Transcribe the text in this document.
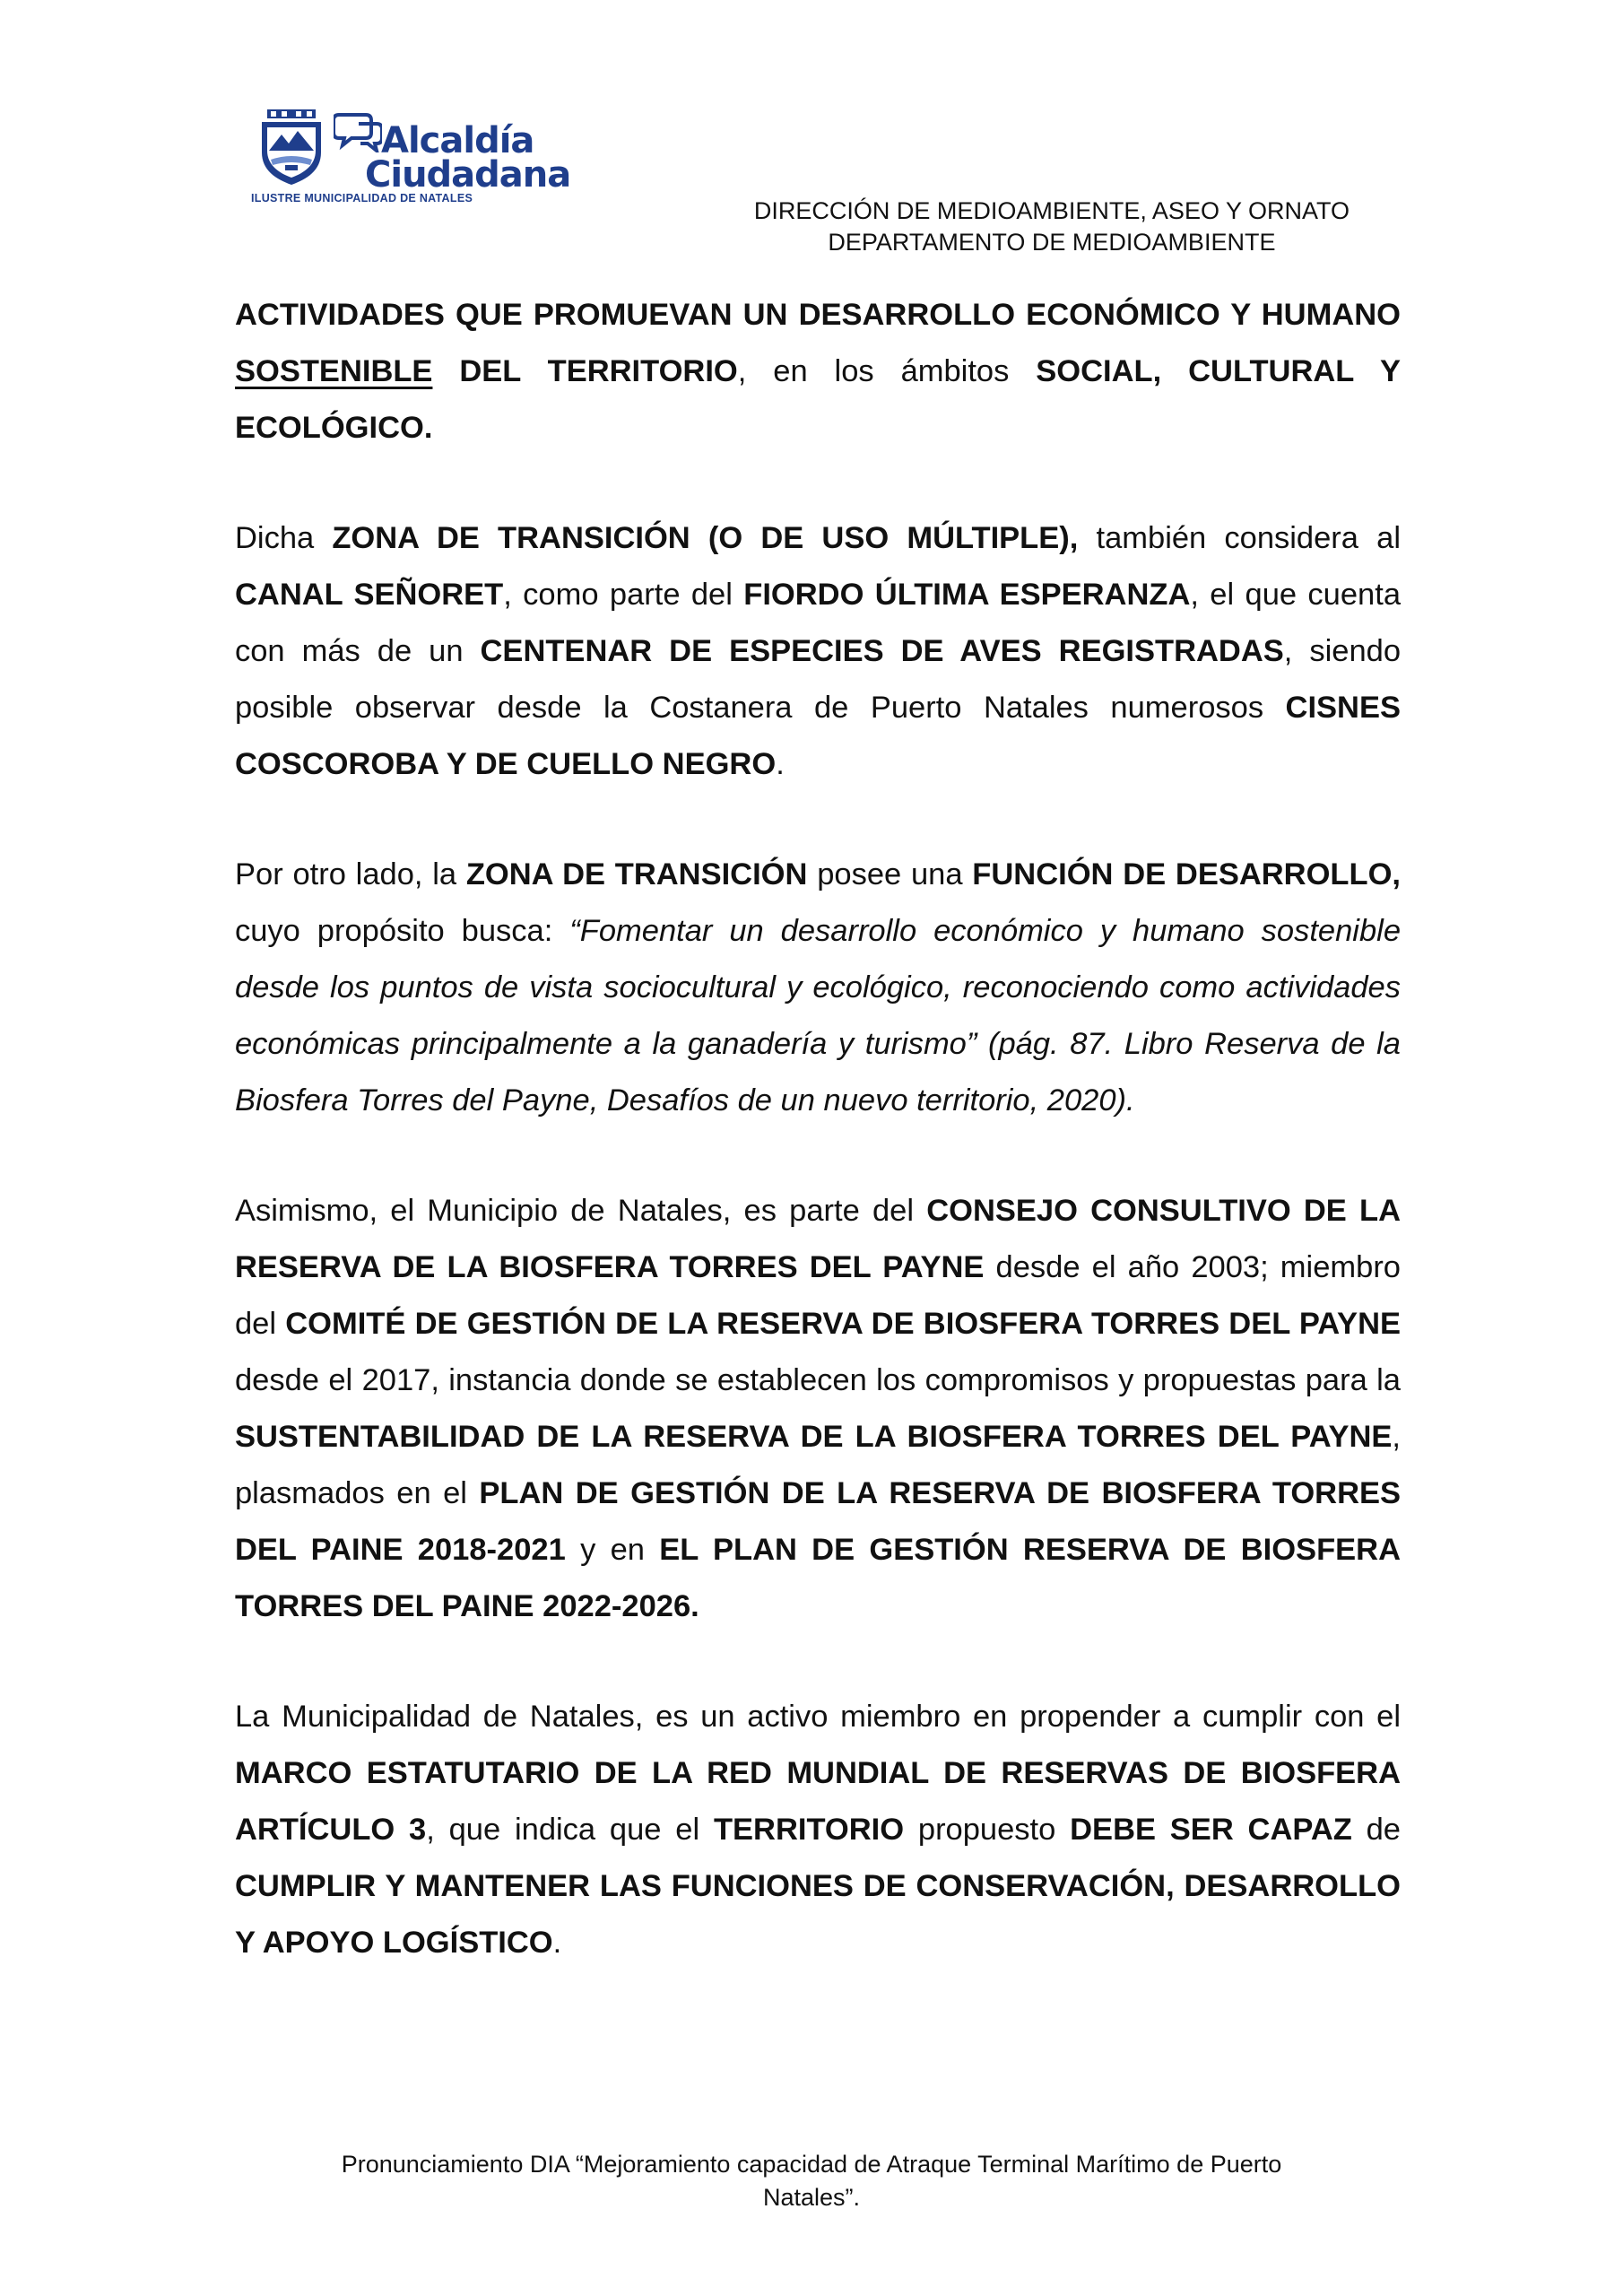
Alcaldía
Ciudadana
ILUSTRE MUNICIPALIDAD DE NATALES	DIRECCIÓN DE MEDIOAMBIENTE, ASEO Y ORNATO
DEPARTAMENTO DE MEDIOAMBIENTE

ACTIVIDADES QUE PROMUEVAN UN DESARROLLO ECONÓMICO Y HUMANO SOSTENIBLE DEL TERRITORIO, en los ámbitos SOCIAL, CULTURAL Y ECOLÓGICO.

Dicha ZONA DE TRANSICIÓN (O DE USO MÚLTIPLE), también considera al CANAL SEÑORET, como parte del FIORDO ÚLTIMA ESPERANZA, el que cuenta con más de un CENTENAR DE ESPECIES DE AVES REGISTRADAS, siendo posible observar desde la Costanera de Puerto Natales numerosos CISNES COSCOROBA Y DE CUELLO NEGRO.

Por otro lado, la ZONA DE TRANSICIÓN posee una FUNCIÓN DE DESARROLLO, cuyo propósito busca: “Fomentar un desarrollo económico y humano sostenible desde los puntos de vista sociocultural y ecológico, reconociendo como actividades económicas principalmente a la ganadería y turismo” (pág. 87. Libro Reserva de la Biosfera Torres del Payne, Desafíos de un nuevo territorio, 2020).

Asimismo, el Municipio de Natales, es parte del CONSEJO CONSULTIVO DE LA RESERVA DE LA BIOSFERA TORRES DEL PAYNE desde el año 2003; miembro del COMITÉ DE GESTIÓN DE LA RESERVA DE BIOSFERA TORRES DEL PAYNE desde el 2017, instancia donde se establecen los compromisos y propuestas para la SUSTENTABILIDAD DE LA RESERVA DE LA BIOSFERA TORRES DEL PAYNE, plasmados en el PLAN DE GESTIÓN DE LA RESERVA DE BIOSFERA TORRES DEL PAINE 2018-2021 y en EL PLAN DE GESTIÓN RESERVA DE BIOSFERA TORRES DEL PAINE 2022-2026.

La Municipalidad de Natales, es un activo miembro en propender a cumplir con el MARCO ESTATUTARIO DE LA RED MUNDIAL DE RESERVAS DE BIOSFERA ARTÍCULO 3, que indica que el TERRITORIO propuesto DEBE SER CAPAZ de CUMPLIR Y MANTENER LAS FUNCIONES DE CONSERVACIÓN, DESARROLLO Y APOYO LOGÍSTICO.

Pronunciamiento DIA “Mejoramiento capacidad de Atraque Terminal Marítimo de Puerto
Natales”.
